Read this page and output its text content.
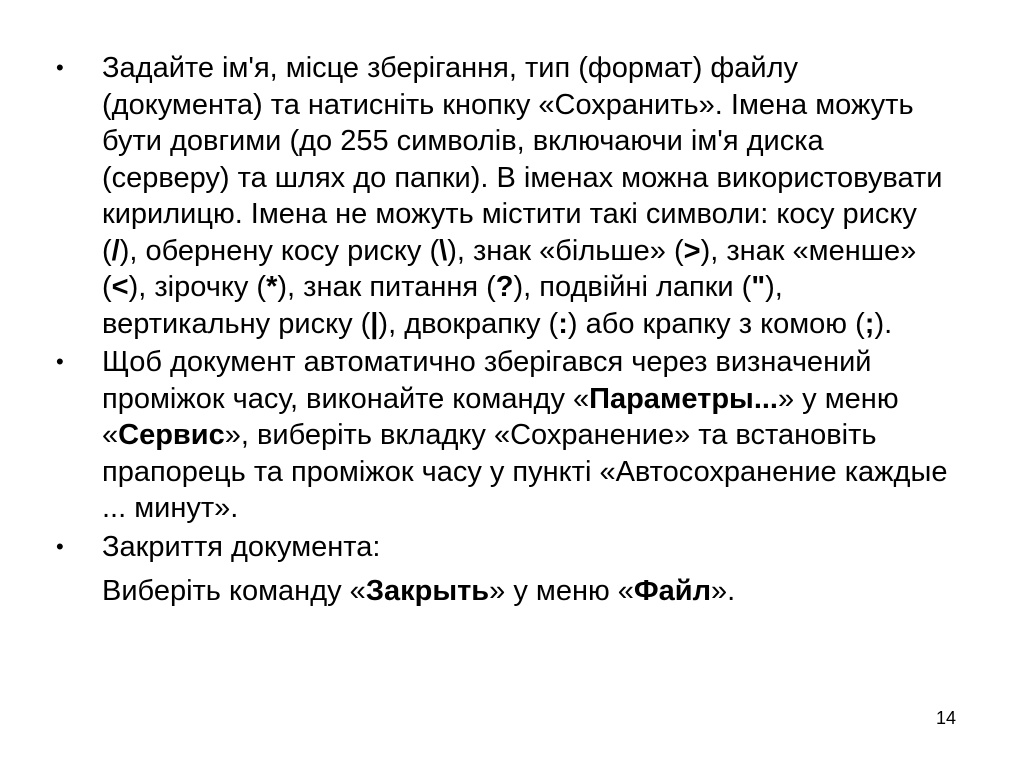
•	Задайте ім'я, місце зберігання, тип (формат) файлу (документа) та натисніть кнопку «Сохранить». Імена можуть бути довгими (до 255 символів, включаючи ім'я диска (серверу) та шлях до папки). В іменах можна використовувати кирилицю. Імена не можуть містити такі символи: косу риску (/), обернену косу риску (\), знак «більше» (>), знак «менше» (<), зірочку (*), знак питання (?), подвійні лапки ("), вертикальну риску (|), двокрапку (:) або крапку з комою (;).
•	Щоб документ автоматично зберігався через визначений проміжок часу, виконайте команду «Параметры...» у меню «Сервис», виберіть вкладку «Сохранение» та встановіть прапорець та проміжок часу у пункті «Автосохранение каждые ... минут».
•	Закриття документа:
Виберіть команду «Закрыть» у меню «Файл».
14
